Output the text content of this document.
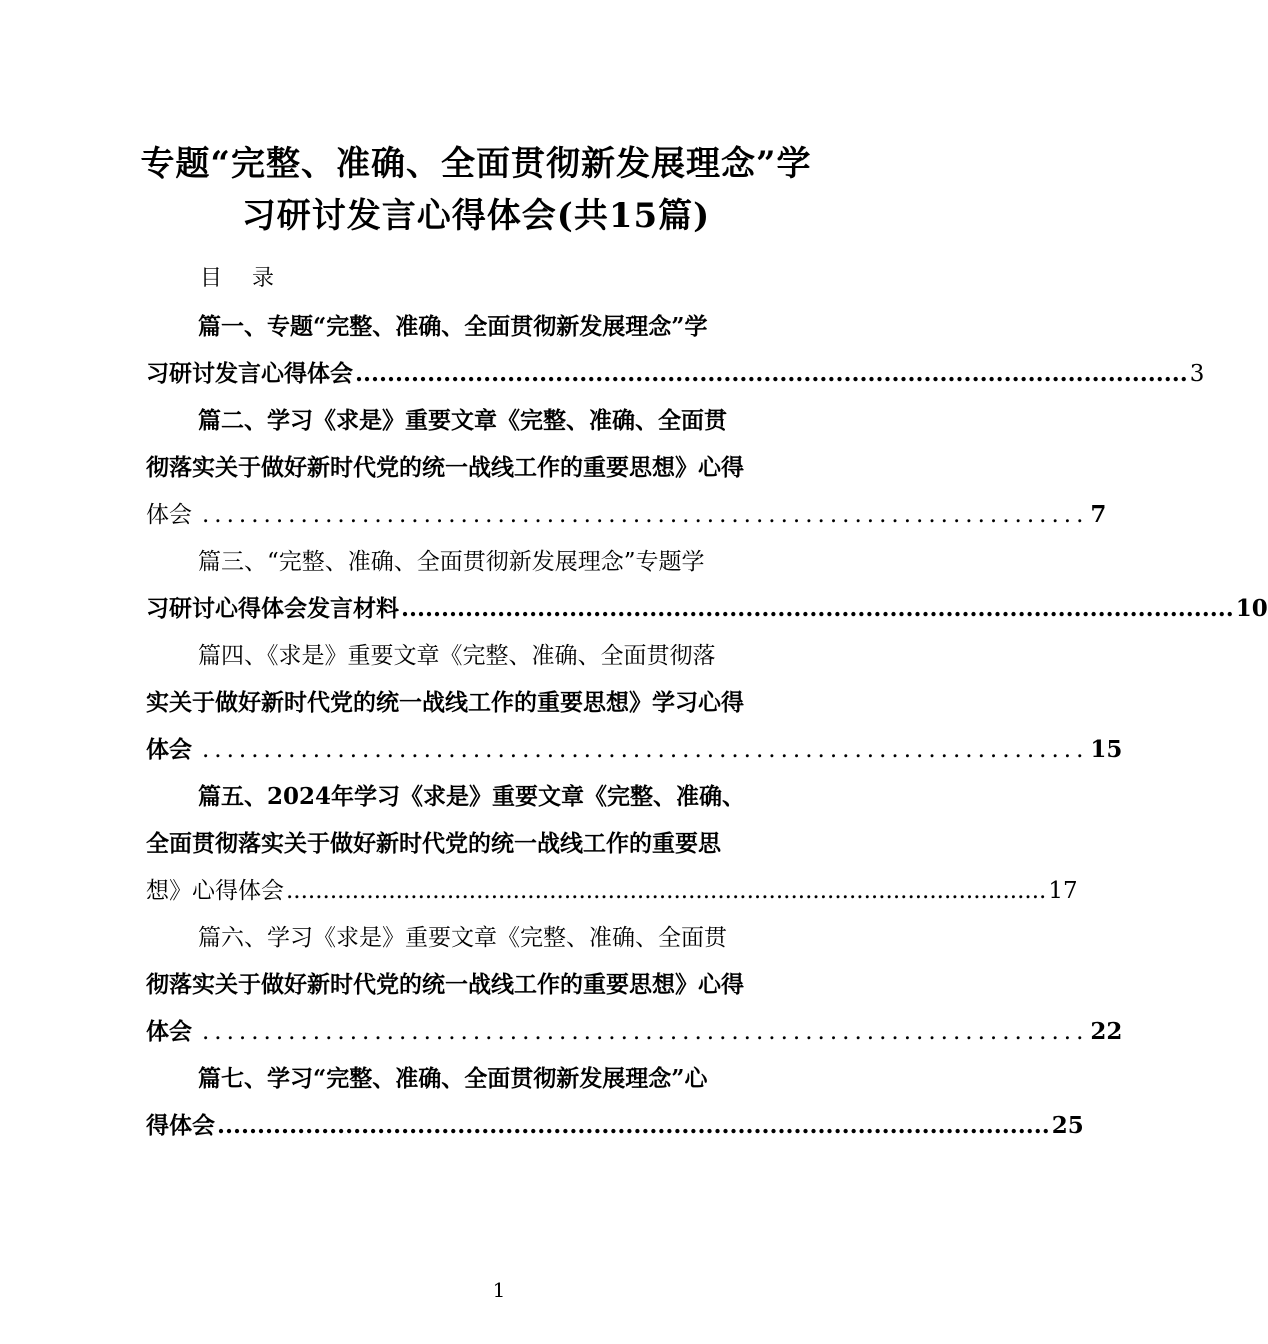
专题“完整、准确、全面贯彻新发展理念”学
习研讨发言心得体会(共15篇)
目 录
篇一、专题“完整、准确、全面贯彻新发展理念”学
习研讨发言心得体会 ........................................................................................................ 3
篇二、学习《求是》重要文章《完整、准确、全面贯
彻落实关于做好新时代党的统一战线工作的重要思想》心得
体会 ........................................................................ 7
篇三、“完整、准确、全面贯彻新发展理念”专题学
习研讨心得体会发言材料 ........................................................................................................ 10
篇四、《求是》重要文章《完整、准确、全面贯彻落
实关于做好新时代党的统一战线工作的重要思想》学习心得
体会 ........................................................................ 15
篇五、2024年学习《求是》重要文章《完整、准确、
全面贯彻落实关于做好新时代党的统一战线工作的重要思
想》心得体会 ........................................................................................................ 17
篇六、学习《求是》重要文章《完整、准确、全面贯
彻落实关于做好新时代党的统一战线工作的重要思想》心得
体会 ........................................................................ 22
篇七、学习“完整、准确、全面贯彻新发展理念”心
得体会 ........................................................................................................ 25
1
